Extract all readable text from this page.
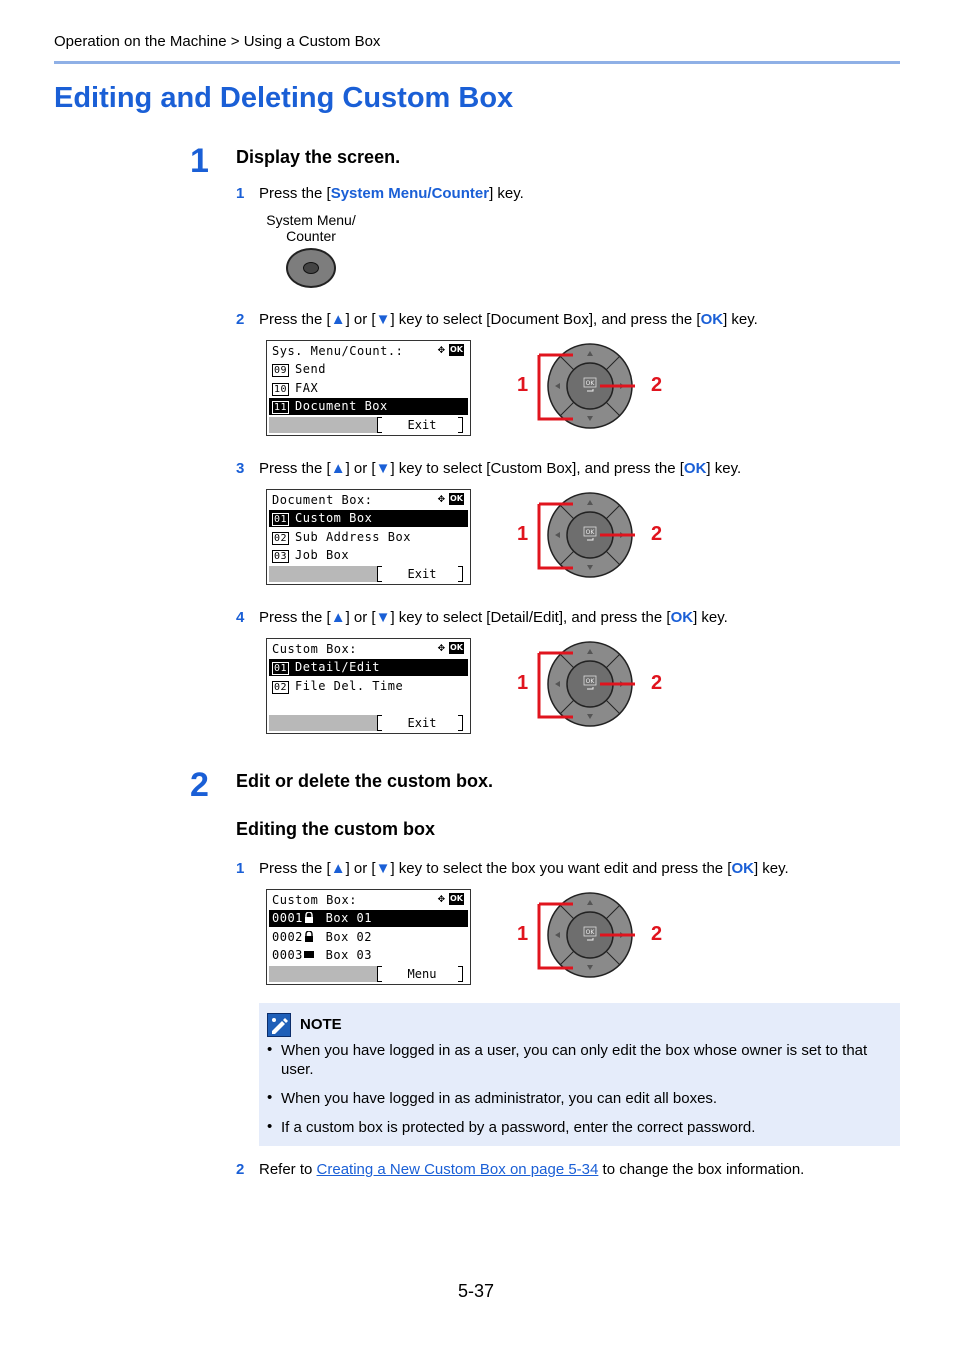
Operation on the Machine > Using a Custom Box
Editing and Deleting Custom Box
1 Display the screen.
1 Press the [System Menu/Counter] key.
System Menu/
Counter
2 Press the [▲] or [▼] key to select [Document Box], and press the [OK] key.
Sys. Menu/Count.:	✥ OK
09 Send
10 FAX
11 Document Box
Exit
OK
1	2
3 Press the [▲] or [▼] key to select [Custom Box], and press the [OK] key.
Document Box:	✥ OK
01 Custom Box
02 Sub Address Box
03 Job Box
Exit
OK
1	2
4 Press the [▲] or [▼] key to select [Detail/Edit], and press the [OK] key.
Custom Box:	✥ OK
01 Detail/Edit
02 File Del. Time
Exit
OK
1	2
2 Edit or delete the custom box.
Editing the custom box
1 Press the [▲] or [▼] key to select the box you want edit and press the [OK] key.
Custom Box:	✥ OK
0001 Box 01
0002 Box 02
0003 Box 03
Menu
OK
1	2
NOTE
• When you have logged in as a user, you can only edit the box whose owner is set to that user.
• When you have logged in as administrator, you can edit all boxes.
• If a custom box is protected by a password, enter the correct password.
2 Refer to Creating a New Custom Box on page 5-34 to change the box information.
5-37
